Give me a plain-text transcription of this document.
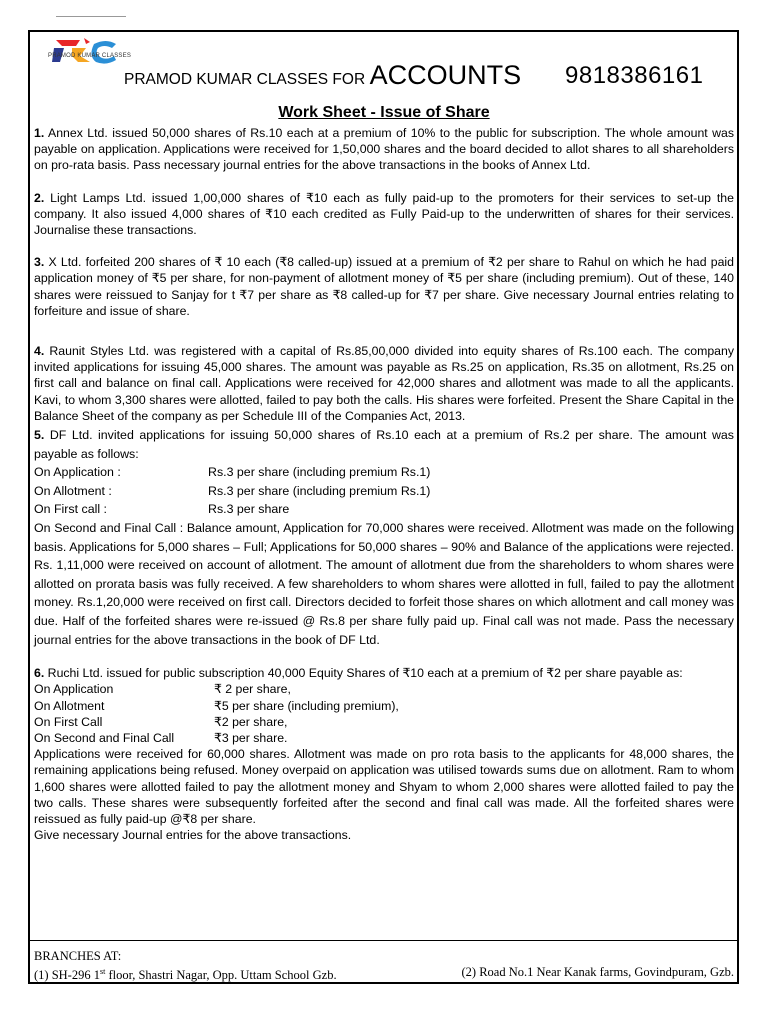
PRAMOD KUMAR CLASSES
PRAMOD KUMAR CLASSES FOR ACCOUNTS 9818386161
Work Sheet - Issue of Share

1. Annex Ltd. issued 50,000 shares of Rs.10 each at a premium of 10% to the public for subscription. The whole amount was payable on application. Applications were received for 1,50,000 shares and the board decided to allot shares to all shareholders on pro-rata basis. Pass necessary journal entries for the above transactions in the books of Annex Ltd.

2. Light Lamps Ltd. issued 1,00,000 shares of ₹10 each as fully paid-up to the promoters for their services to set-up the company. It also issued 4,000 shares of ₹10 each credited as Fully Paid-up to the underwritten of shares for their services. Journalise these transactions.

3. X Ltd. forfeited 200 shares of ₹ 10 each (₹8 called-up) issued at a premium of ₹2 per share to Rahul on which he had paid application money of ₹5 per share, for non-payment of allotment money of ₹5 per share (including premium). Out of these, 140 shares were reissued to Sanjay for t ₹7 per share as ₹8 called-up for ₹7 per share. Give necessary Journal entries relating to forfeiture and issue of share.

4. Raunit Styles Ltd. was registered with a capital of Rs.85,00,000 divided into equity shares of Rs.100 each. The company invited applications for issuing 45,000 shares. The amount was payable as Rs.25 on application, Rs.35 on allotment, Rs.25 on first call and balance on final call. Applications were received for 42,000 shares and allotment was made to all the applicants. Kavi, to whom 3,300 shares were allotted, failed to pay both the calls. His shares were forfeited. Present the Share Capital in the Balance Sheet of the company as per Schedule III of the Companies Act, 2013.

5. DF Ltd. invited applications for issuing 50,000 shares of Rs.10 each at a premium of Rs.2 per share. The amount was payable as follows:

On Application :	Rs.3 per share (including premium Rs.1)
On Allotment :	Rs.3 per share (including premium Rs.1)
On First call :	Rs.3 per share

On Second and Final Call : Balance amount, Application for 70,000 shares were received. Allotment was made on the following basis. Applications for 5,000 shares – Full; Applications for 50,000 shares – 90% and Balance of the applications were rejected. Rs. 1,11,000 were received on account of allotment. The amount of allotment due from the shareholders to whom shares were allotted on prorata basis was fully received. A few shareholders to whom shares were allotted in full, failed to pay the allotment money. Rs.1,20,000 were received on first call. Directors decided to forfeit those shares on which allotment and call money was due. Half of the forfeited shares were re-issued @ Rs.8 per share fully paid up. Final call was not made. Pass the necessary journal entries for the above transactions in the book of DF Ltd.

6. Ruchi Ltd. issued for public subscription 40,000 Equity Shares of ₹10 each at a premium of ₹2 per share payable as:

On Application	₹ 2 per share,
On Allotment	₹5 per share (including premium),
On First Call	₹2 per share,
On Second and Final Call	₹3 per share.

Applications were received for 60,000 shares. Allotment was made on pro rota basis to the applicants for 48,000 shares, the remaining applications being refused. Money overpaid on application was utilised towards sums due on allotment. Ram to whom 1,600 shares were allotted failed to pay the allotment money and Shyam to whom 2,000 shares were allotted failed to pay the two calls. These shares were subsequently forfeited after the second and final call was made. All the forfeited shares were reissued as fully paid-up @₹8 per share.

Give necessary Journal entries for the above transactions.

BRANCHES AT:
(1) SH-296 1st floor, Shastri Nagar, Opp. Uttam School Gzb.	(2) Road No.1 Near Kanak farms, Govindpuram, Gzb.
